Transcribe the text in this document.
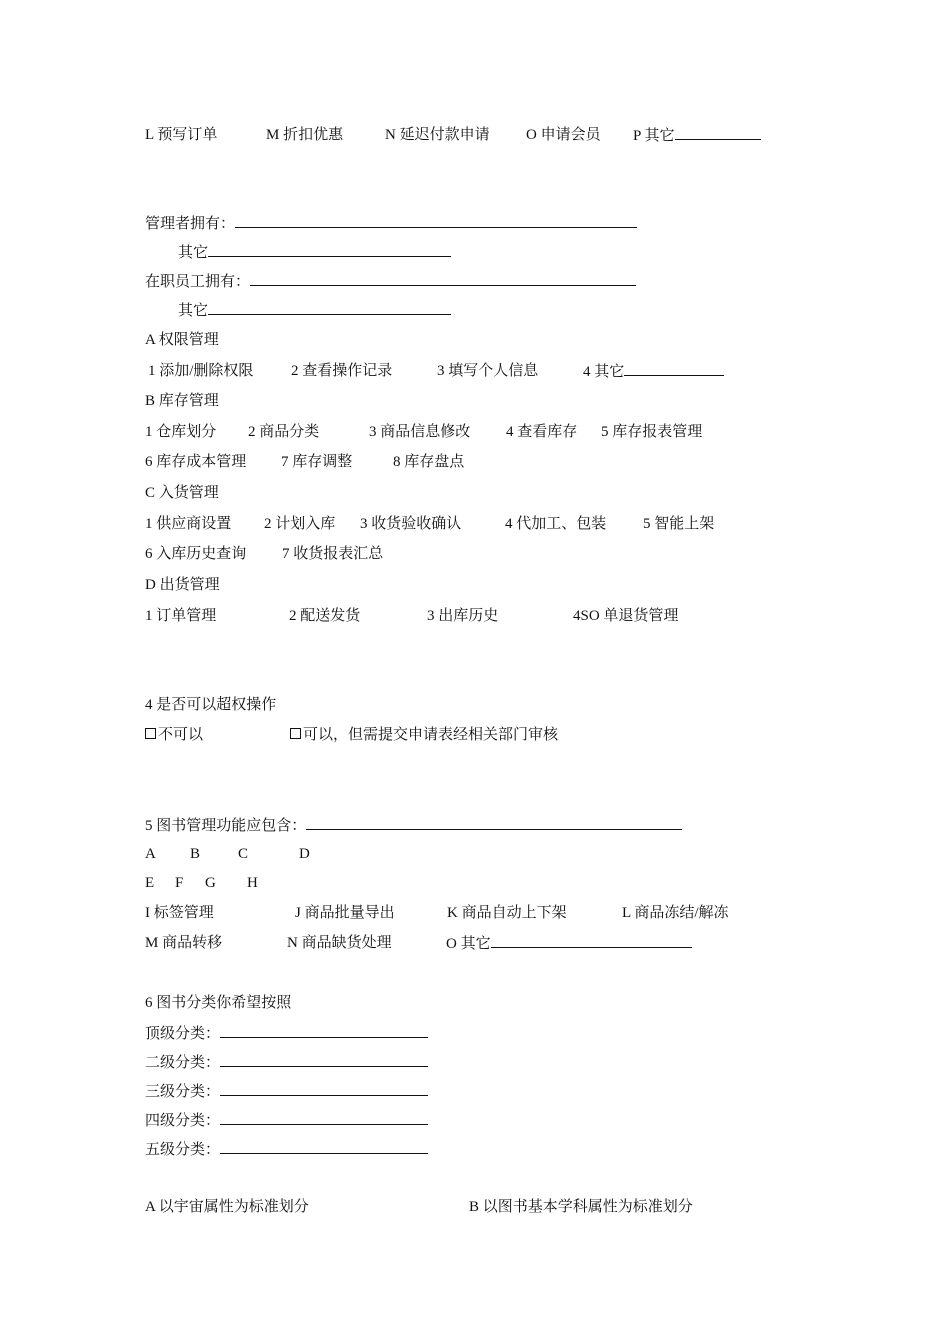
L 预写订单	M 折扣优惠	N 延迟付款申请 O 申请会员 P 其它
管理者拥有：
其它
在职员工拥有：
其它
A 权限管理
1 添加/删除权限	2 查看操作记录	3 填写个人信息	4 其它
B 库存管理
1 仓库划分 2 商品分类	3 商品信息修改 4 查看库存 5 库存报表管理
6 库存成本管理 7 库存调整	8 库存盘点
C 入货管理
1 供应商设置 2 计划入库 3 收货验收确认	4 代加工、包装 5 智能上架
6 入库历史查询 7 收货报表汇总
D 出货管理
1 订单管理	2 配送发货	3 出库历史	4SO 单退货管理
4 是否可以超权操作
不可以	可以，但需提交申请表经相关部门审核
5 图书管理功能应包含：
A B	C	D
E F G H
I 标签管理	J 商品批量导出	K 商品自动上下架	L 商品冻结/解冻
M 商品转移	N 商品缺货处理	O 其它
6 图书分类你希望按照
顶级分类：
二级分类：
三级分类：
四级分类：
五级分类：
A 以宇宙属性为标准划分	B 以图书基本学科属性为标准划分
